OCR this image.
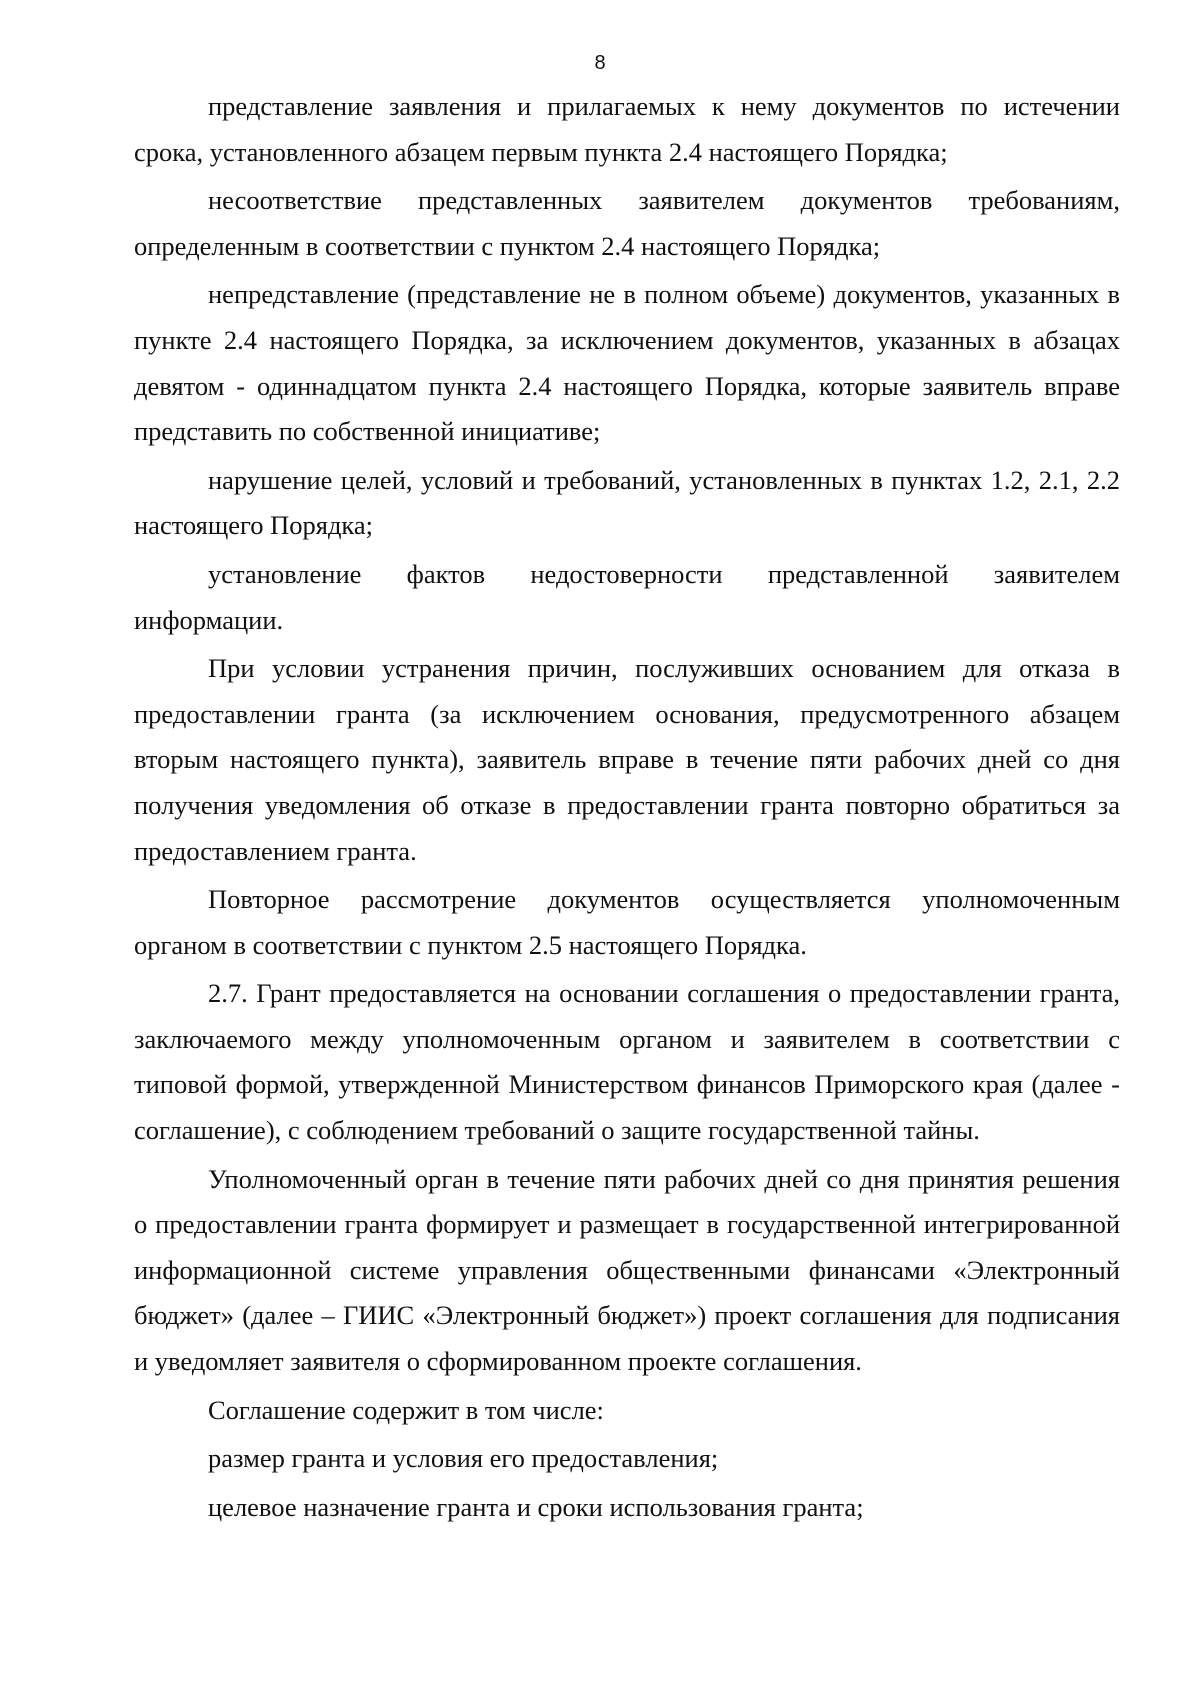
8

представление заявления и прилагаемых к нему документов по истечении срока, установленного абзацем первым пункта 2.4 настоящего Порядка;

несоответствие представленных заявителем документов требованиям, определенным в соответствии с пунктом 2.4 настоящего Порядка;

непредставление (представление не в полном объеме) документов, указанных в пункте 2.4 настоящего Порядка, за исключением документов, указанных в абзацах девятом - одиннадцатом пункта 2.4 настоящего Порядка, которые заявитель вправе представить по собственной инициативе;

нарушение целей, условий и требований, установленных в пунктах 1.2, 2.1, 2.2 настоящего Порядка;

установление фактов недостоверности представленной заявителем информации.

При условии устранения причин, послуживших основанием для отказа в предоставлении гранта (за исключением основания, предусмотренного абзацем вторым настоящего пункта), заявитель вправе в течение пяти рабочих дней со дня получения уведомления об отказе в предоставлении гранта повторно обратиться за предоставлением гранта.

Повторное рассмотрение документов осуществляется уполномоченным органом в соответствии с пунктом 2.5 настоящего Порядка.

2.7. Грант предоставляется на основании соглашения о предоставлении гранта, заключаемого между уполномоченным органом и заявителем в соответствии с типовой формой, утвержденной Министерством финансов Приморского края (далее - соглашение), с соблюдением требований о защите государственной тайны.

Уполномоченный орган в течение пяти рабочих дней со дня принятия решения о предоставлении гранта формирует и размещает в государственной интегрированной информационной системе управления общественными финансами «Электронный бюджет» (далее – ГИИС «Электронный бюджет») проект соглашения для подписания и уведомляет заявителя о сформированном проекте соглашения.

Соглашение содержит в том числе:

размер гранта и условия его предоставления;

целевое назначение гранта и сроки использования гранта;
